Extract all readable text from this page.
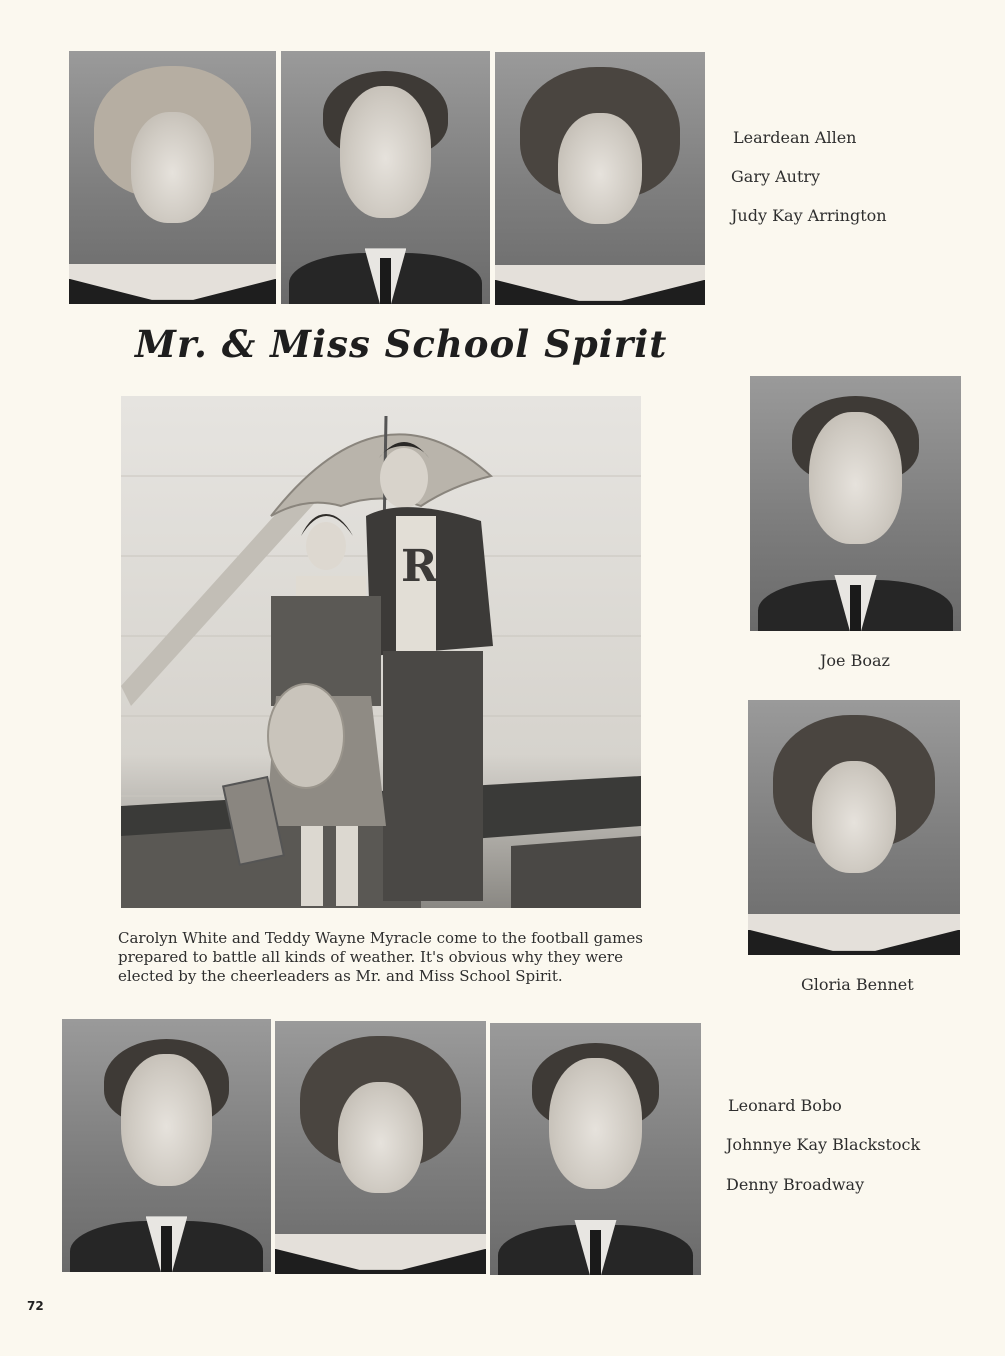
Leardean Allen
Gary Autry
Judy Kay Arrington
Mr. & Miss School Spirit
R
Carolyn White and Teddy Wayne Myracle come to the football games prepared to battle all kinds of weather. It's obvious why they were elected by the cheerleaders as Mr. and Miss School Spirit.
Joe Boaz
Gloria Bennet
Leonard Bobo
Johnnye Kay Blackstock
Denny Broadway
72
